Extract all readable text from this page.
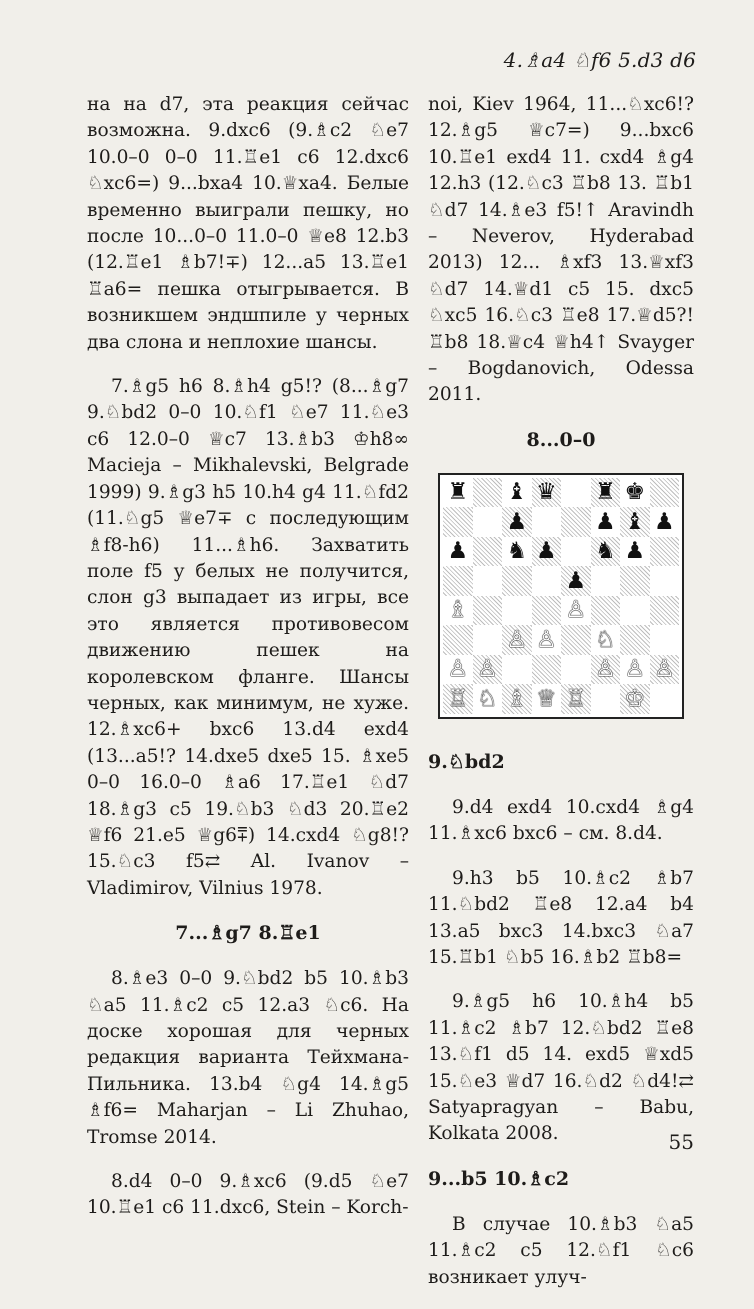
4.♗a4 ♘f6 5.d3 d6

на на d7, эта реакция сейчас возможна. 9.dxc6 (9.♗c2 ♘e7 10.0–0 0–0 11.♖e1 c6 12.dxc6 ♘xc6=) 9...bxa4 10.♕xa4. Белые временно выиграли пешку, но после 10...0–0 11.0–0 ♕e8 12.b3 (12.♖e1 ♗b7!∓) 12...a5 13.♖e1 ♖a6= пешка отыгрывается. В возникшем эндшпиле у черных два слона и неплохие шансы.

7.♗g5 h6 8.♗h4 g5!? (8...♗g7 9.♘bd2 0–0 10.♘f1 ♘e7 11.♘e3 c6 12.0–0 ♕c7 13.♗b3 ♔h8∞ Macieja – Mikhalevski, Belgrade 1999) 9.♗g3 h5 10.h4 g4 11.♘fd2 (11.♘g5 ♕e7∓ с последующим ♗f8-h6) 11...♗h6. Захватить поле f5 у белых не получится, слон g3 выпадает из игры, все это является противовесом движению пешек на королевском фланге. Шансы черных, как минимум, не хуже. 12.♗xc6+ bxc6 13.d4 exd4 (13...a5!? 14.dxe5 dxe5 15. ♗xe5 0–0 16.0–0 ♗a6 17.♖e1 ♘d7 18.♗g3 c5 19.♘b3 ♘d3 20.♖e2 ♕f6 21.e5 ♕g6⩱) 14.cxd4 ♘g8!? 15.♘c3 f5⇄ Al. Ivanov – Vladimirov, Vilnius 1978.

7...♗g7 8.♖e1

8.♗e3 0–0 9.♘bd2 b5 10.♗b3 ♘a5 11.♗c2 c5 12.a3 ♘c6. На доске хорошая для черных редакция варианта Тейхмана-Пильника. 13.b4 ♘g4 14.♗g5 ♗f6= Maharjan – Li Zhuhao, Tromse 2014.

8.d4 0–0 9.♗xc6 (9.d5 ♘e7 10.♖e1 c6 11.dxc6, Stein – Korch-

noi, Kiev 1964, 11...♘xc6!? 12.♗g5 ♕c7=) 9...bxc6 10.♖e1 exd4 11. cxd4 ♗g4 12.h3 (12.♘c3 ♖b8 13. ♖b1 ♘d7 14.♗e3 f5!↑ Aravindh – Neverov, Hyderabad 2013) 12... ♗xf3 13.♕xf3 ♘d7 14.♕d1 c5 15. dxc5 ♘xc5 16.♘c3 ♖e8 17.♕d5?! ♖b8 18.♕c4 ♕h4↑ Svayger – Bogdanovich, Odessa 2011.

8...0–0
♜ ♝ ♛ ♜ ♚
♟	♟ ♝ ♟
♟ ♞ ♟ ♞ ♟
♟
♗	♙
♙ ♙ ♘
♙ ♙	♙ ♙ ♙
♖ ♘ ♗ ♕ ♖ ♔
9.♘bd2

9.d4 exd4 10.cxd4 ♗g4 11.♗xc6 bxc6 – см. 8.d4.

9.h3 b5 10.♗c2 ♗b7 11.♘bd2 ♖e8 12.a4 b4 13.a5 bxc3 14.bxc3 ♘a7 15.♖b1 ♘b5 16.♗b2 ♖b8=

9.♗g5 h6 10.♗h4 b5 11.♗c2 ♗b7 12.♘bd2 ♖e8 13.♘f1 d5 14. exd5 ♕xd5 15.♘e3 ♕d7 16.♘d2 ♘d4!⇄ Satyapragyan – Babu, Kolkata 2008.

9...b5 10.♗c2

В случае 10.♗b3 ♘a5 11.♗c2 c5 12.♘f1 ♘c6 возникает улуч-

55
